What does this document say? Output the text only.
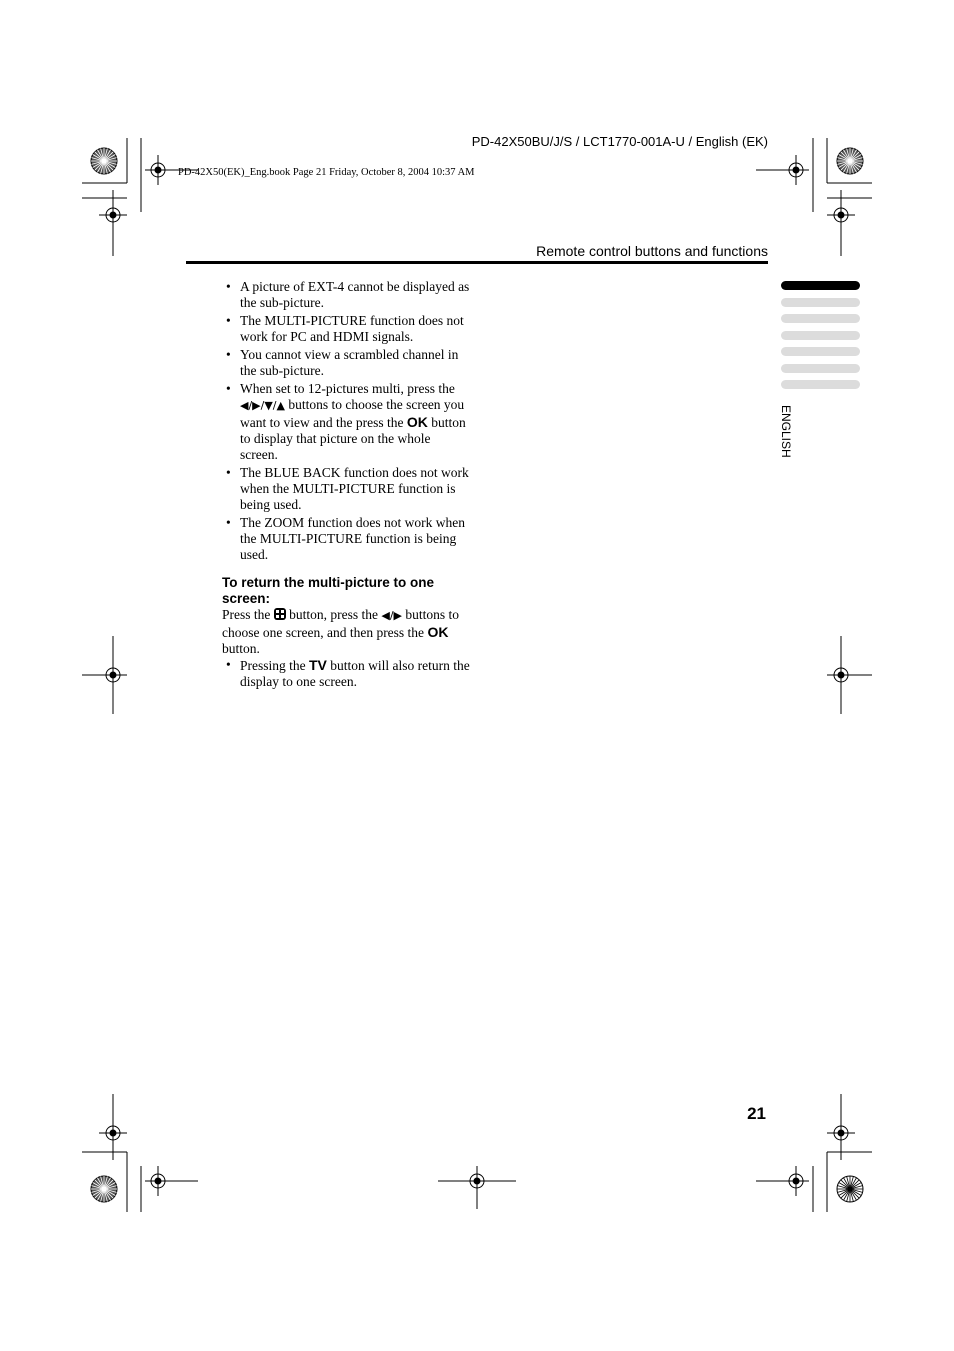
PD-42X50BU/J/S / LCT1770-001A-U / English (EK)
PD-42X50(EK)_Eng.book Page 21 Friday, October 8, 2004 10:37 AM
Remote control buttons and functions
• A picture of EXT-4 cannot be displayed as the sub-picture.
• The MULTI-PICTURE function does not work for PC and HDMI signals.
• You cannot view a scrambled channel in the sub-picture.
• When set to 12-pictures multi, press the ◀/▶/▼/▲ buttons to choose the screen you want to view and the press the OK button to display that picture on the whole screen.
• The BLUE BACK function does not work when the MULTI-PICTURE function is being used.
• The ZOOM function does not work when the MULTI-PICTURE function is being used.
To return the multi-picture to one screen:

Press the  button, press the ◀/▶ buttons to choose one screen, and then press the OK button.

• Pressing the TV button will also return the display to one screen.
ENGLISH
21
